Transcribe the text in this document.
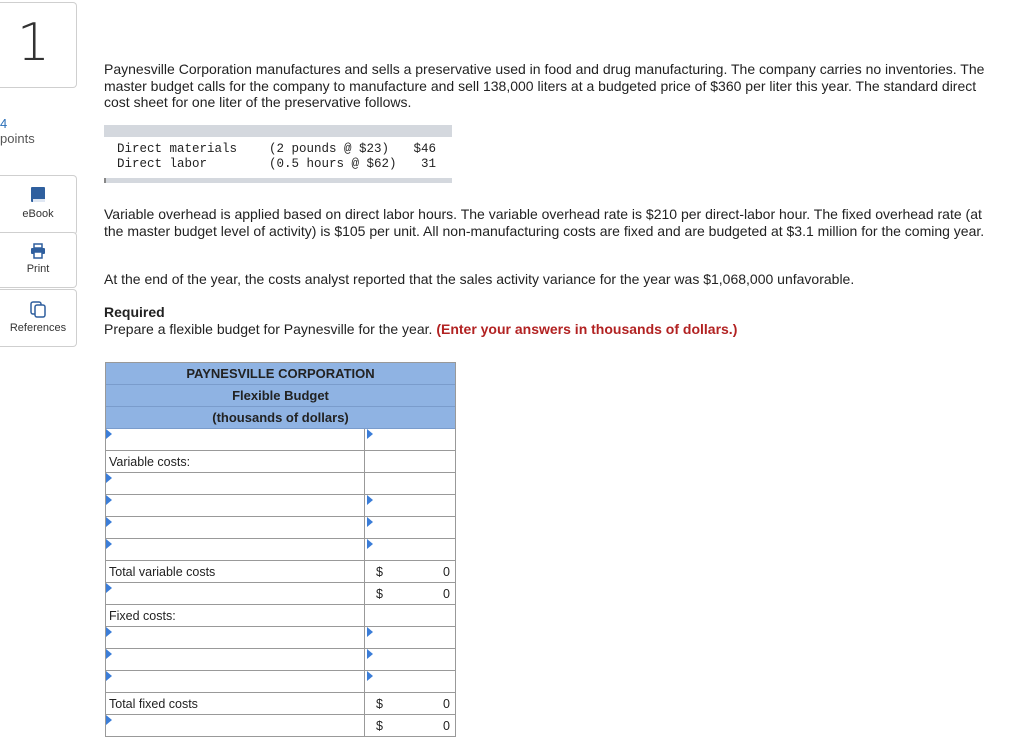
1
4
points
eBook
Print
References
Paynesville Corporation manufactures and sells a preservative used in food and drug manufacturing. The company carries no inventories. The master budget calls for the company to manufacture and sell 138,000 liters at a budgeted price of $360 per liter this year. The standard direct cost sheet for one liter of the preservative follows.
Direct materials	(2 pounds @ $23) $46
Direct labor	(0.5 hours @ $62) 31
Variable overhead is applied based on direct labor hours. The variable overhead rate is $210 per direct-labor hour. The fixed overhead rate (at the master budget level of activity) is $105 per unit. All non-manufacturing costs are fixed and are budgeted at $3.1 million for the coming year.
At the end of the year, the costs analyst reported that the sales activity variance for the year was $1,068,000 unfavorable.
Required
Prepare a flexible budget for Paynesville for the year. (Enter your answers in thousands of dollars.)
PAYNESVILLE CORPORATION
Flexible Budget
(thousands of dollars)
Variable costs:
Total variable costs	$	0
$	0
Fixed costs:
Total fixed costs	$	0
$	0
